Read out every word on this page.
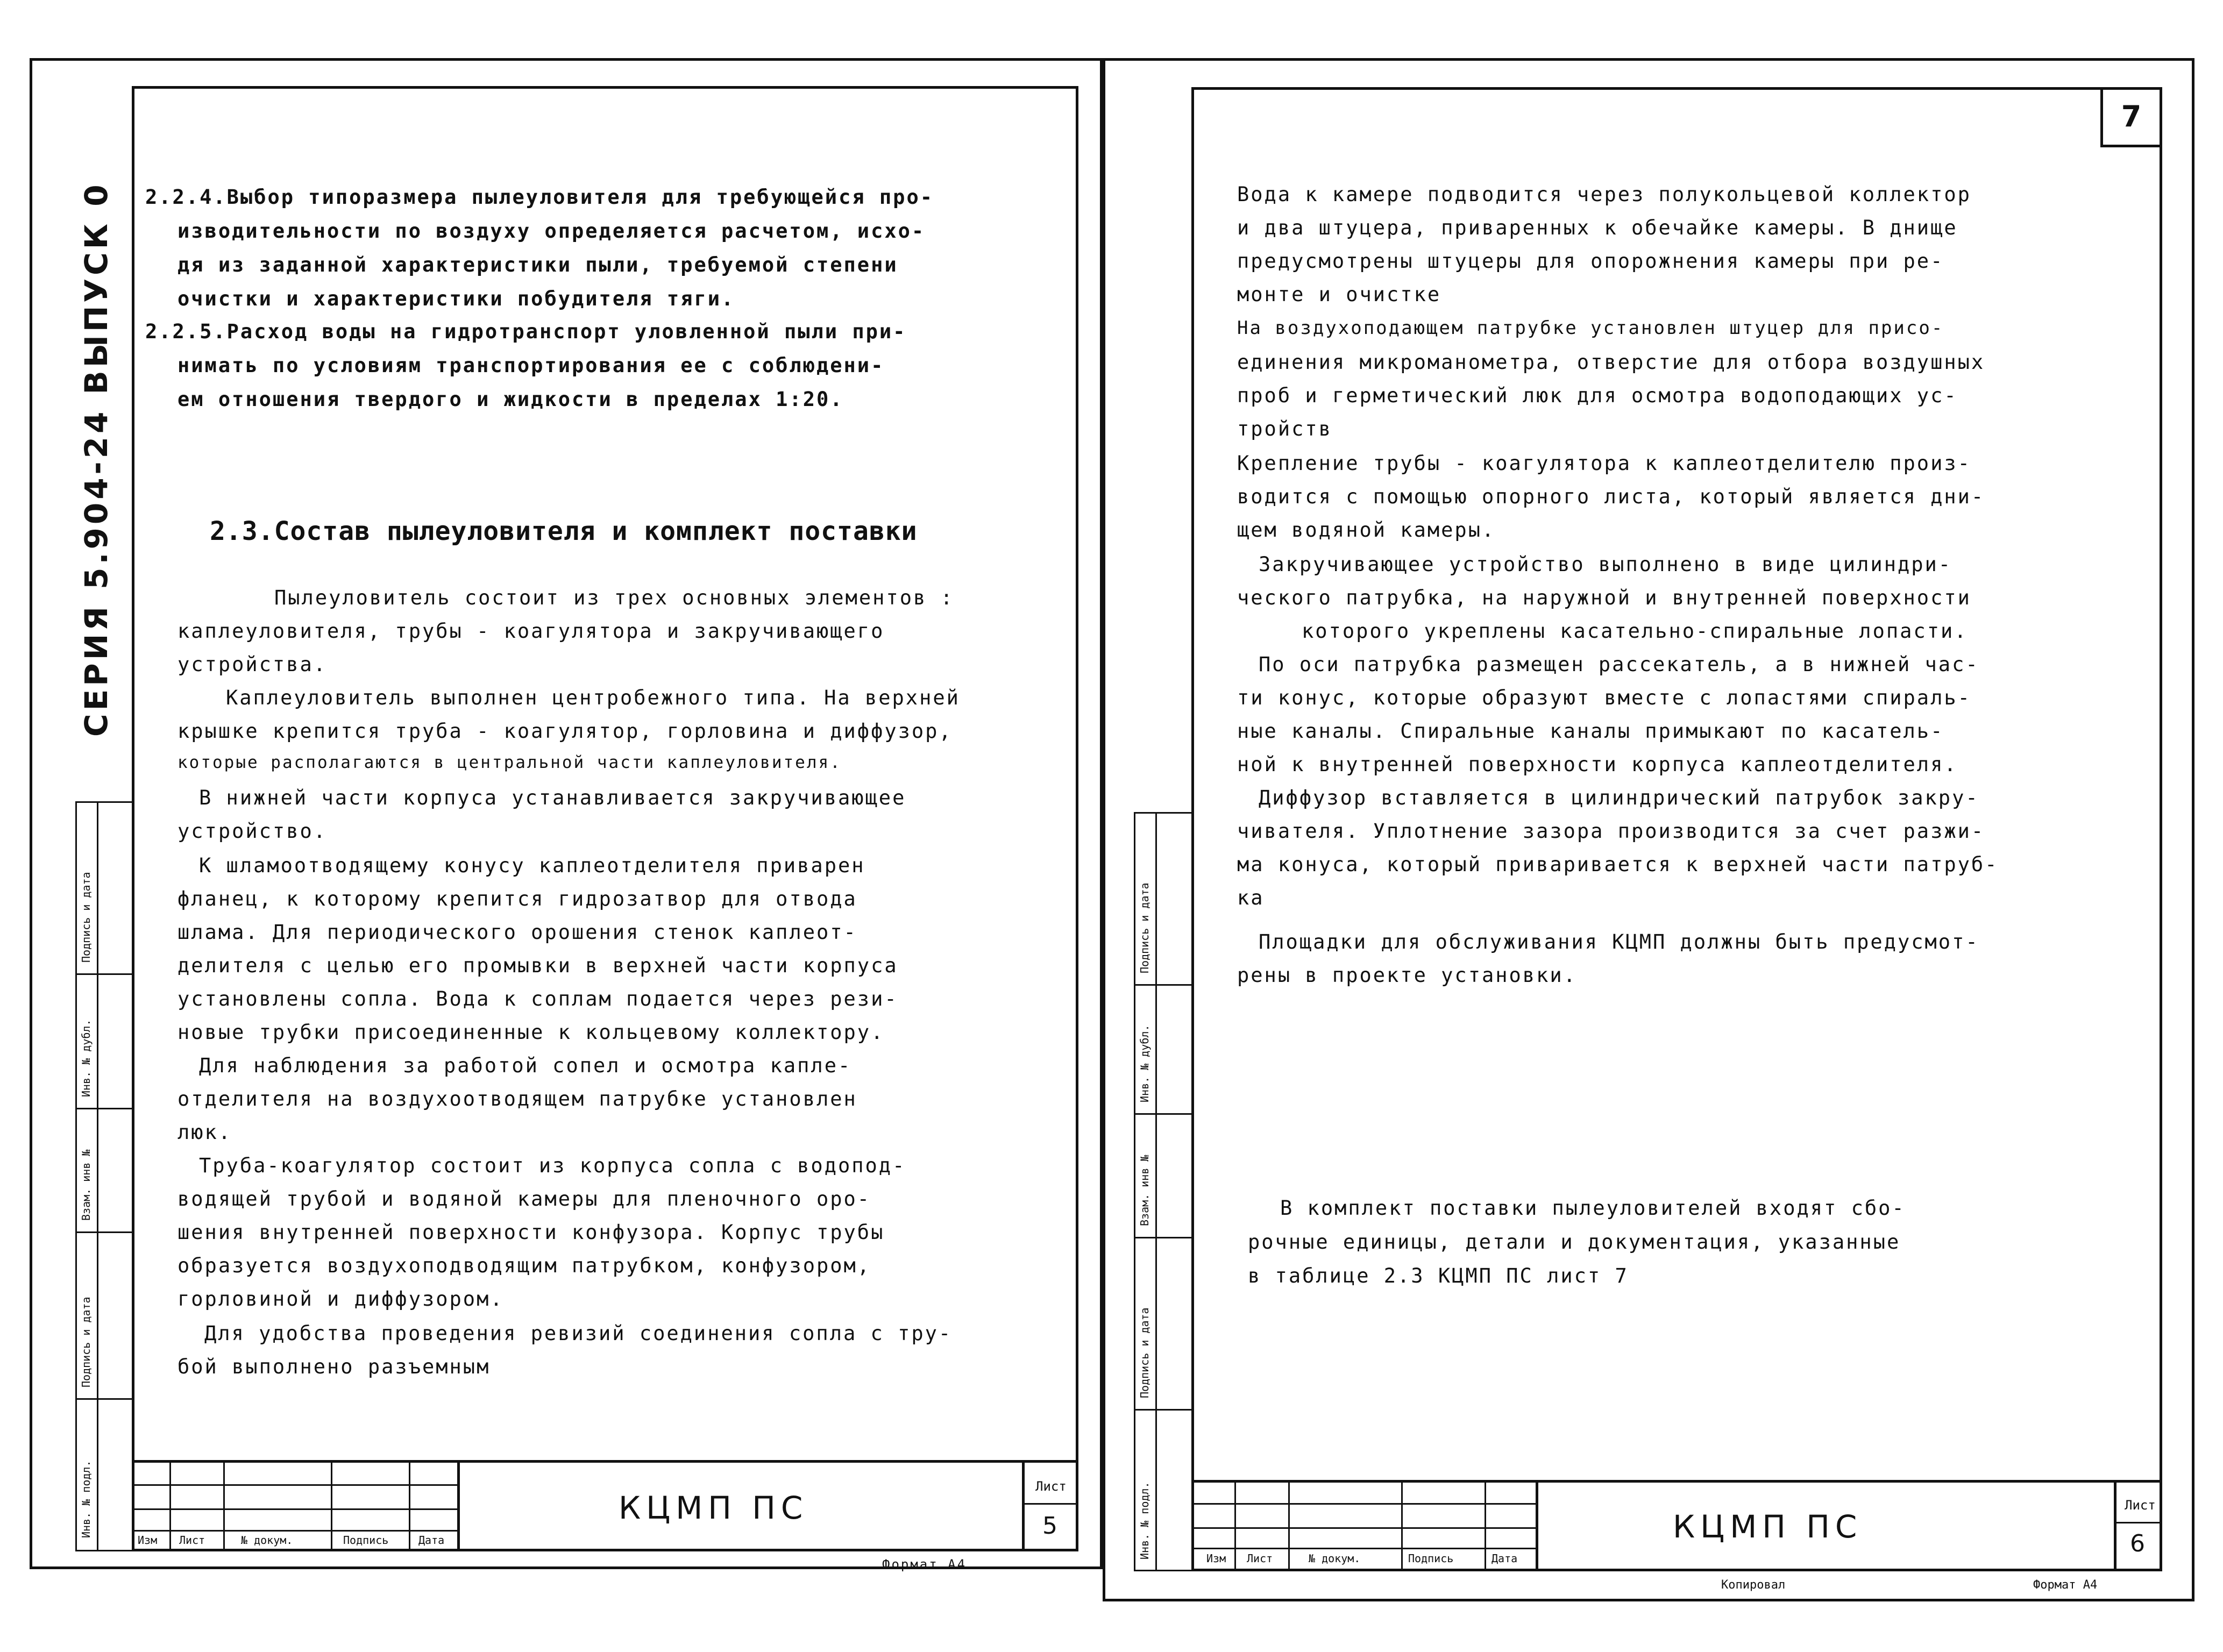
СЕРИЯ 5.904-24 ВЫПУСК 0
Подпись и дата
Инв. № дубл.
Взам. инв №
Подпись и дата
Инв. № подл.
2.2.4.Выбор типоразмера пылеуловителя для требующейся про-
изводительности по воздуху определяется расчетом, исхо-
дя из заданной характеристики пыли, требуемой степени
очистки и характеристики побудителя тяги.
2.2.5.Расход воды на гидротранспорт уловленной пыли при-
нимать по условиям транспортирования ее с соблюдени-
ем отношения твердого и жидкости в пределах 1:20.
2.3.Состав пылеуловителя и комплект поставки
Пылеуловитель состоит из трех основных элементов :
каплеуловителя, трубы - коагулятора и закручивающего
устройства.
Каплеуловитель выполнен центробежного типа. На верхней
крышке крепится труба - коагулятор, горловина и диффузор,
которые располагаются в центральной части каплеуловителя.
В нижней части корпуса устанавливается закручивающее
устройство.
К шламоотводящему конусу каплеотделителя приварен
фланец, к которому крепится гидрозатвор для отвода
шлама. Для периодического орошения стенок каплеот-
делителя с целью его промывки в верхней части корпуса
установлены сопла. Вода к соплам подается через рези-
новые трубки присоединенные к кольцевому коллектору.
Для наблюдения за работой сопел и осмотра капле-
отделителя на воздухоотводящем патрубке установлен
люк.
Труба-коагулятор состоит из корпуса сопла с водопод-
водящей трубой и водяной камеры для пленочного оро-
шения внутренней поверхности конфузора. Корпус трубы
образуется воздухоподводящим патрубком, конфузором,
горловиной и диффузором.
Для удобства проведения ревизий соединения сопла с тру-
бой выполнено разъемным
Изм Лист	№ докум.	Подпись	Дата
КЦМП ПС
Лист
5
Формат А4
7
Подпись и дата
Инв. № дубл.
Взам. инв №
Подпись и дата
Инв. № подл.
Вода к камере подводится через полукольцевой коллектор
и два штуцера, приваренных к обечайке камеры. В днище
предусмотрены штуцеры для опорожнения камеры при ре-
монте и очистке
На воздухоподающем патрубке установлен штуцер для присо-
единения микроманометра, отверстие для отбора воздушных
проб и герметический люк для осмотра водоподающих ус-
тройств
Крепление трубы - коагулятора к каплеотделителю произ-
водится с помощью опорного листа, который является дни-
щем водяной камеры.
Закручивающее устройство выполнено в виде цилиндри-
ческого патрубка, на наружной и внутренней поверхности
которого укреплены касательно-спиральные лопасти.
По оси патрубка размещен рассекатель, а в нижней час-
ти конус, которые образуют вместе с лопастями спираль-
ные каналы. Спиральные каналы примыкают по касатель-
ной к внутренней поверхности корпуса каплеотделителя.
Диффузор вставляется в цилиндрический патрубок закру-
чивателя. Уплотнение зазора производится за счет разжи-
ма конуса, который приваривается к верхней части патруб-
ка
Площадки для обслуживания КЦМП должны быть предусмот-
рены в проекте установки.
В комплект поставки пылеуловителей входят сбо-
рочные единицы, детали и документация, указанные
в таблице 2.3 КЦМП ПС лист 7
Изм Лист	№ докум.	Подпись	Дата
КЦМП ПС
Лист
6
Копировал	Формат А4
